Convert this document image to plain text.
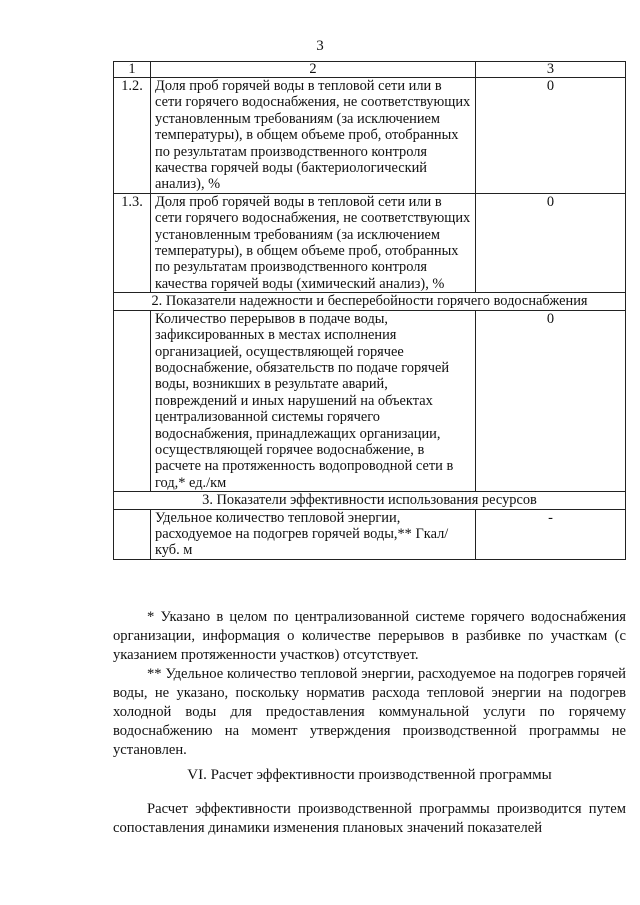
3
1	2	3
1.2.	Доля проб горячей воды в тепловой сети или в сети горячего водоснабжения, не соответствующих установленным требованиям (за исключением температуры), в общем объеме проб, отобранных по результатам производственного контроля качества горячей воды (бактериологический анализ), %	0
1.3.	Доля проб горячей воды в тепловой сети или в сети горячего водоснабжения, не соответствующих установленным требованиям (за исключением температуры), в общем объеме проб, отобранных по результатам производственного контроля качества горячей воды (химический анализ), %	0
2. Показатели надежности и бесперебойности горячего водоснабжения		
	Количество перерывов в подаче воды, зафиксированных в местах исполнения организацией, осуществляющей горячее водоснабжение, обязательств по подаче горячей воды, возникших в результате аварий, повреждений и иных нарушений на объектах централизованной системы горячего водоснабжения, принадлежащих организации, осуществляющей горячее водоснабжение, в расчете на протяженность водопроводной сети в год,* ед./км	0
3. Показатели эффективности использования ресурсов		
	Удельное количество тепловой энергии, расходуемое на подогрев горячей воды,** Гкал/ куб. м	-

* Указано в целом по централизованной системе горячего водоснабжения организации, информация о количестве перерывов в разбивке по участкам (с указанием протяженности участков) отсутствует.

** Удельное количество тепловой энергии, расходуемое на подогрев горячей воды, не указано, поскольку норматив расхода тепловой энергии на подогрев холодной воды для предоставления коммунальной услуги по горячему водоснабжению на момент утверждения производственной программы не установлен.

VI. Расчет эффективности производственной программы

Расчет эффективности производственной программы производится путем сопоставления динамики изменения плановых значений показателей
